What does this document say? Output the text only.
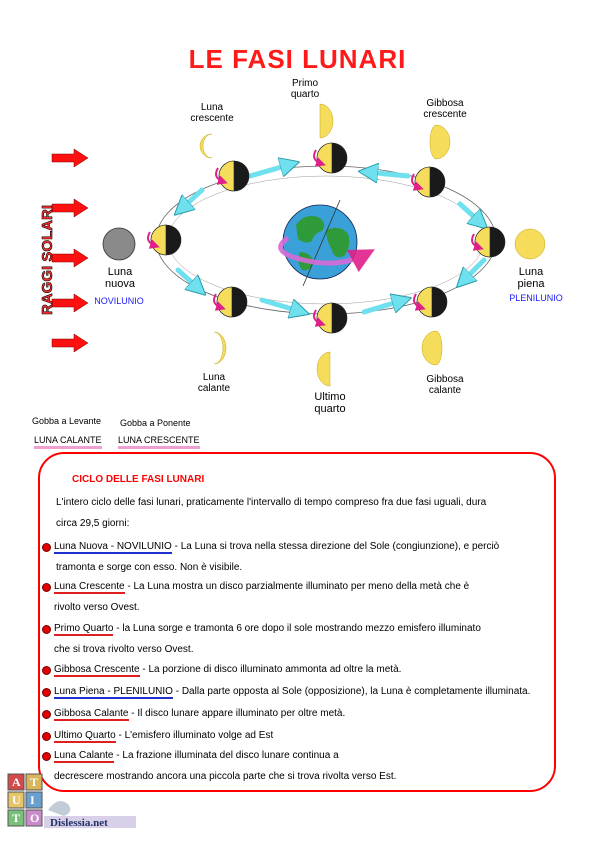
LE FASI LUNARI
RAGGI SOLARI
Primo
quarto
Luna
crescente
Gibbosa
crescente
Luna
nuova
NOVILUNIO
Luna
piena
PLENILUNIO
Luna
calante
Ultimo
quarto
Gibbosa
calante
Gobba a Levante
LUNA CALANTE
Gobba a Ponente
LUNA CRESCENTE
CICLO DELLE FASI LUNARI
L'intero ciclo delle fasi lunari, praticamente l'intervallo di tempo compreso fra due fasi uguali, dura
circa 29,5 giorni:
Luna Nuova - NOVILUNIO - La Luna si trova nella stessa direzione del Sole (congiunzione), e perciò
tramonta e sorge con esso. Non è visibile.
Luna Crescente - La Luna mostra un disco parzialmente illuminato per meno della metà che è
rivolto verso Ovest.
Primo Quarto - la Luna sorge e tramonta 6 ore dopo il sole mostrando mezzo emisfero illuminato
che si trova rivolto verso Ovest.
Gibbosa Crescente - La porzione di disco illuminato ammonta ad oltre la metà.
Luna Piena - PLENILUNIO - Dalla parte opposta al Sole (opposizione), la Luna è completamente illuminata.
Gibbosa Calante - Il disco lunare appare illuminato per oltre metà.
Ultimo Quarto - L'emisfero illuminato volge ad Est
Luna Calante - La frazione illuminata del disco lunare continua a
decrescere mostrando ancora una piccola parte che si trova rivolta verso Est.
A T
U I
T O Dislessia.net
